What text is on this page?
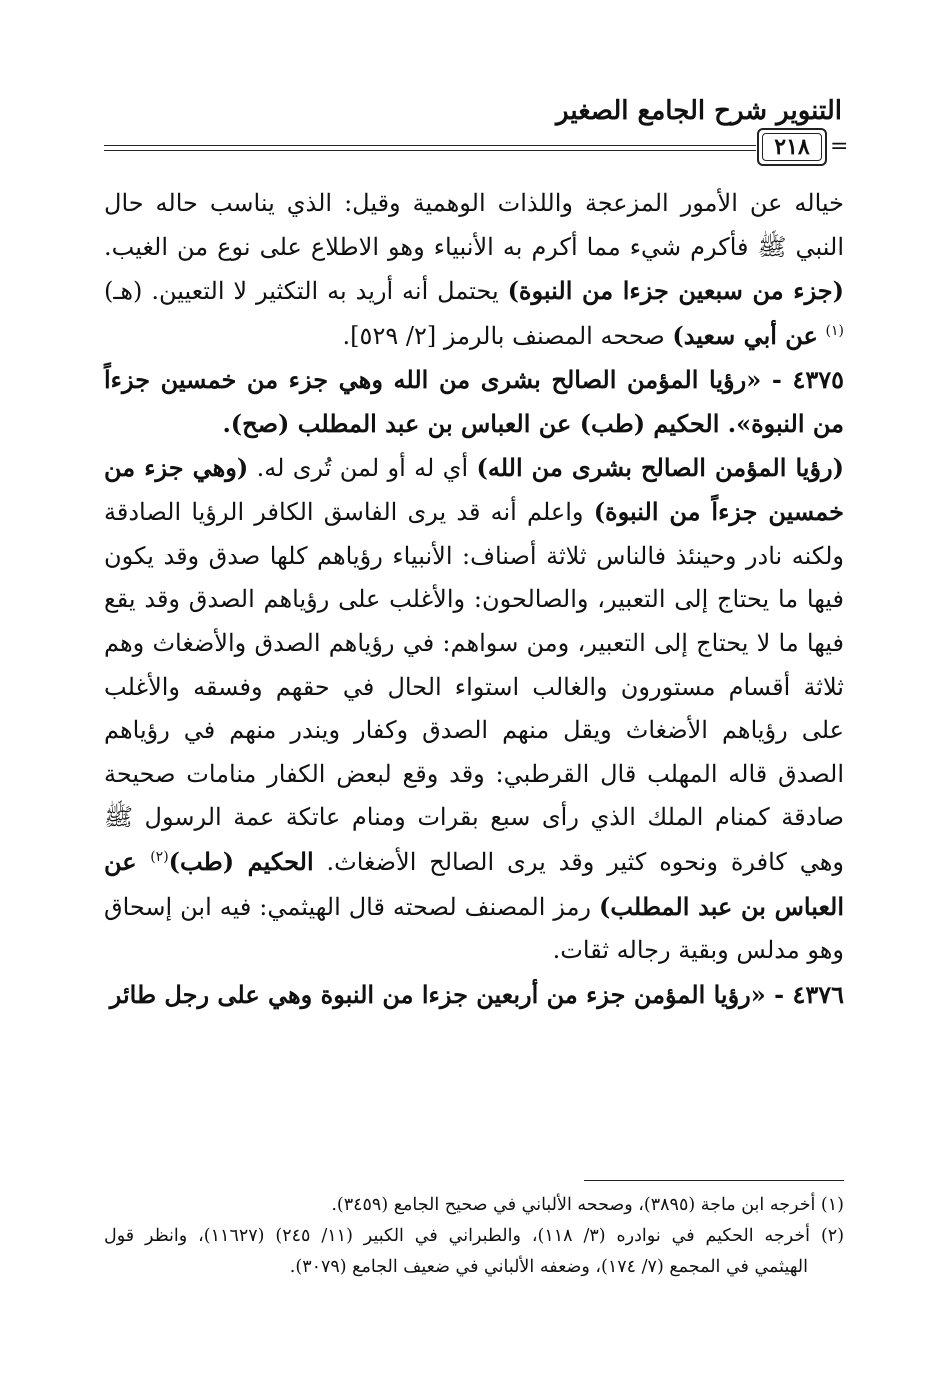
التنوير شرح الجامع الصغير
٢١٨ =

خياله عن الأمور المزعجة واللذات الوهمية وقيل: الذي يناسب حاله حال النبي ﷺ فأكرم شيء مما أكرم به الأنبياء وهو الاطلاع على نوع من الغيب. (جزء من سبعين جزءا من النبوة) يحتمل أنه أريد به التكثير لا التعيين. (هـ)$^{(١)}$ عن أبي سعيد) صححه المصنف بالرمز [٢/ ٥٢٩].

٤٣٧٥ - «رؤيا المؤمن الصالح بشرى من الله وهي جزء من خمسين جزءاً من النبوة». الحكيم (طب) عن العباس بن عبد المطلب (صح).

(رؤيا المؤمن الصالح بشرى من الله) أي له أو لمن تُرى له. (وهي جزء من خمسين جزءاً من النبوة) واعلم أنه قد يرى الفاسق الكافر الرؤيا الصادقة ولكنه نادر وحينئذ فالناس ثلاثة أصناف: الأنبياء رؤياهم كلها صدق وقد يكون فيها ما يحتاج إلى التعبير، والصالحون: والأغلب على رؤياهم الصدق وقد يقع فيها ما لا يحتاج إلى التعبير، ومن سواهم: في رؤياهم الصدق والأضغاث وهم ثلاثة أقسام مستورون والغالب استواء الحال في حقهم وفسقه والأغلب على رؤياهم الأضغاث ويقل منهم الصدق وكفار ويندر منهم في رؤياهم الصدق قاله المهلب قال القرطبي: وقد وقع لبعض الكفار منامات صحيحة صادقة كمنام الملك الذي رأى سبع بقرات ومنام عاتكة عمة الرسول ﷺ وهي كافرة ونحوه كثير وقد يرى الصالح الأضغاث. الحكيم (طب)$^{(٢)}$ عن العباس بن عبد المطلب) رمز المصنف لصحته قال الهيثمي: فيه ابن إسحاق وهو مدلس وبقية رجاله ثقات.

٤٣٧٦ - «رؤيا المؤمن جزء من أربعين جزءا من النبوة وهي على رجل طائر

(١) أخرجه ابن ماجة (٣٨٩٥)، وصححه الألباني في صحيح الجامع (٣٤٥٩).

(٢) أخرجه الحكيم في نوادره (٣/ ١١٨)، والطبراني في الكبير (١١/ ٢٤٥) (١١٦٢٧)، وانظر قول الهيثمي في المجمع (٧/ ١٧٤)، وضعفه الألباني في ضعيف الجامع (٣٠٧٩).
